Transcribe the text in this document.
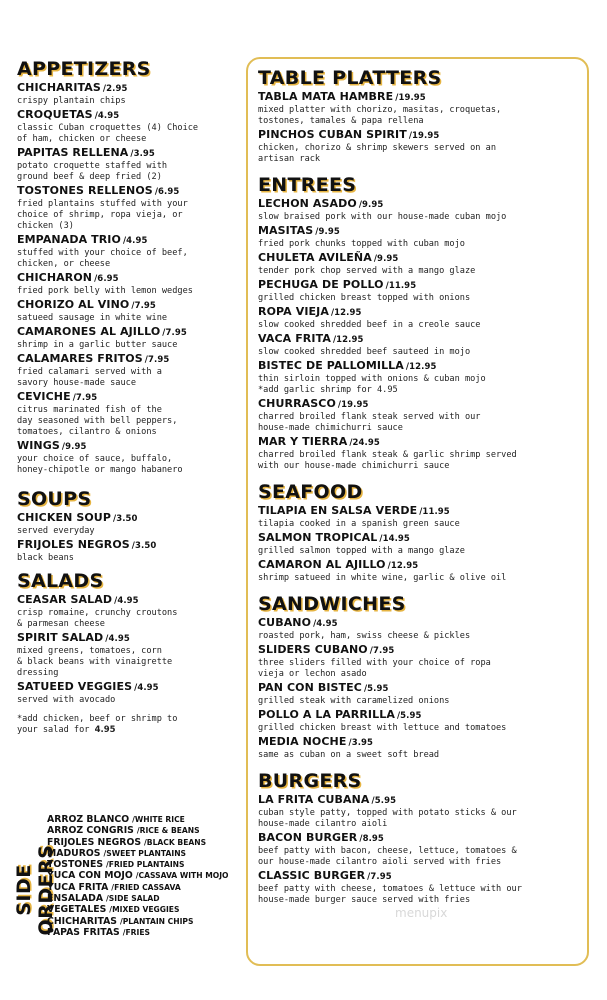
APPETIZERS
CHICHARITAS /2.95
crispy plantain chips
CROQUETAS /4.95
classic Cuban croquettes (4) Choice
of ham, chicken or cheese
PAPITAS RELLENA /3.95
potato croquette staffed with
ground beef & deep fried (2)
TOSTONES RELLENOS /6.95
fried plantains stuffed with your
choice of shrimp, ropa vieja, or
chicken (3)
EMPANADA TRIO /4.95
stuffed with your choice of beef,
chicken, or cheese
CHICHARON /6.95
fried pork belly with lemon wedges
CHORIZO AL VINO /7.95
satueed sausage in white wine
CAMARONES AL AJILLO /7.95
shrimp in a garlic butter sauce
CALAMARES FRITOS /7.95
fried calamari served with a
savory house-made sauce
CEVICHE /7.95
citrus marinated fish of the
day seasoned with bell peppers,
tomatoes, cilantro & onions
WINGS /9.95
your choice of sauce, buffalo,
honey-chipotle or mango habanero
SOUPS
CHICKEN SOUP /3.50
served everyday
FRIJOLES NEGROS /3.50
black beans
SALADS
CEASAR SALAD /4.95
crisp romaine, crunchy croutons
& parmesan cheese
SPIRIT SALAD /4.95
mixed greens, tomatoes, corn
& black beans with vinaigrette
dressing
SATUEED VEGGIES /4.95
served with avocado
*add chicken, beef or shrimp to
your salad for 4.95
SIDE ORDERS
ARROZ BLANCO /WHITE RICE
ARROZ CONGRIS /RICE & BEANS
FRIJOLES NEGROS /BLACK BEANS
MADUROS /SWEET PLANTAINS
TOSTONES /FRIED PLANTAINS
YUCA CON MOJO /CASSAVA WITH MOJO
YUCA FRITA /FRIED CASSAVA
ENSALADA /SIDE SALAD
VEGETALES /MIXED VEGGIES
CHICHARITAS /PLANTAIN CHIPS
PAPAS FRITAS /FRIES
TABLE PLATTERS
TABLA MATA HAMBRE /19.95
mixed platter with chorizo, masitas, croquetas,
tostones, tamales & papa rellena
PINCHOS CUBAN SPIRIT /19.95
chicken, chorizo & shrimp skewers served on an
artisan rack
ENTREES
LECHON ASADO /9.95
slow braised pork with our house-made cuban mojo
MASITAS /9.95
fried pork chunks topped with cuban mojo
CHULETA AVILEÑA /9.95
tender pork chop served with a mango glaze
PECHUGA DE POLLO /11.95
grilled chicken breast topped with onions
ROPA VIEJA /12.95
slow cooked shredded beef in a creole sauce
VACA FRITA /12.95
slow cooked shredded beef sauteed in mojo
BISTEC DE PALLOMILLA /12.95
thin sirloin topped with onions & cuban mojo
*add garlic shrimp for 4.95
CHURRASCO /19.95
charred broiled flank steak served with our
house-made chimichurri sauce
MAR Y TIERRA /24.95
charred broiled flank steak & garlic shrimp served
with our house-made chimichurri sauce
SEAFOOD
TILAPIA EN SALSA VERDE /11.95
tilapia cooked in a spanish green sauce
SALMON TROPICAL /14.95
grilled salmon topped with a mango glaze
CAMARON AL AJILLO /12.95
shrimp satueed in white wine, garlic & olive oil
SANDWICHES
CUBANO /4.95
roasted pork, ham, swiss cheese & pickles
SLIDERS CUBANO /7.95
three sliders filled with your choice of ropa
vieja or lechon asado
PAN CON BISTEC /5.95
grilled steak with caramelized onions
POLLO A LA PARRILLA /5.95
grilled chicken breast with lettuce and tomatoes
MEDIA NOCHE /3.95
same as cuban on a sweet soft bread
BURGERS
LA FRITA CUBANA /5.95
cuban style patty, topped with potato sticks & our
house-made cilantro aioli
BACON BURGER /8.95
beef patty with bacon, cheese, lettuce, tomatoes &
our house-made cilantro aioli served with fries
CLASSIC BURGER /7.95
beef patty with cheese, tomatoes & lettuce with our
house-made burger sauce served with fries
menupix
